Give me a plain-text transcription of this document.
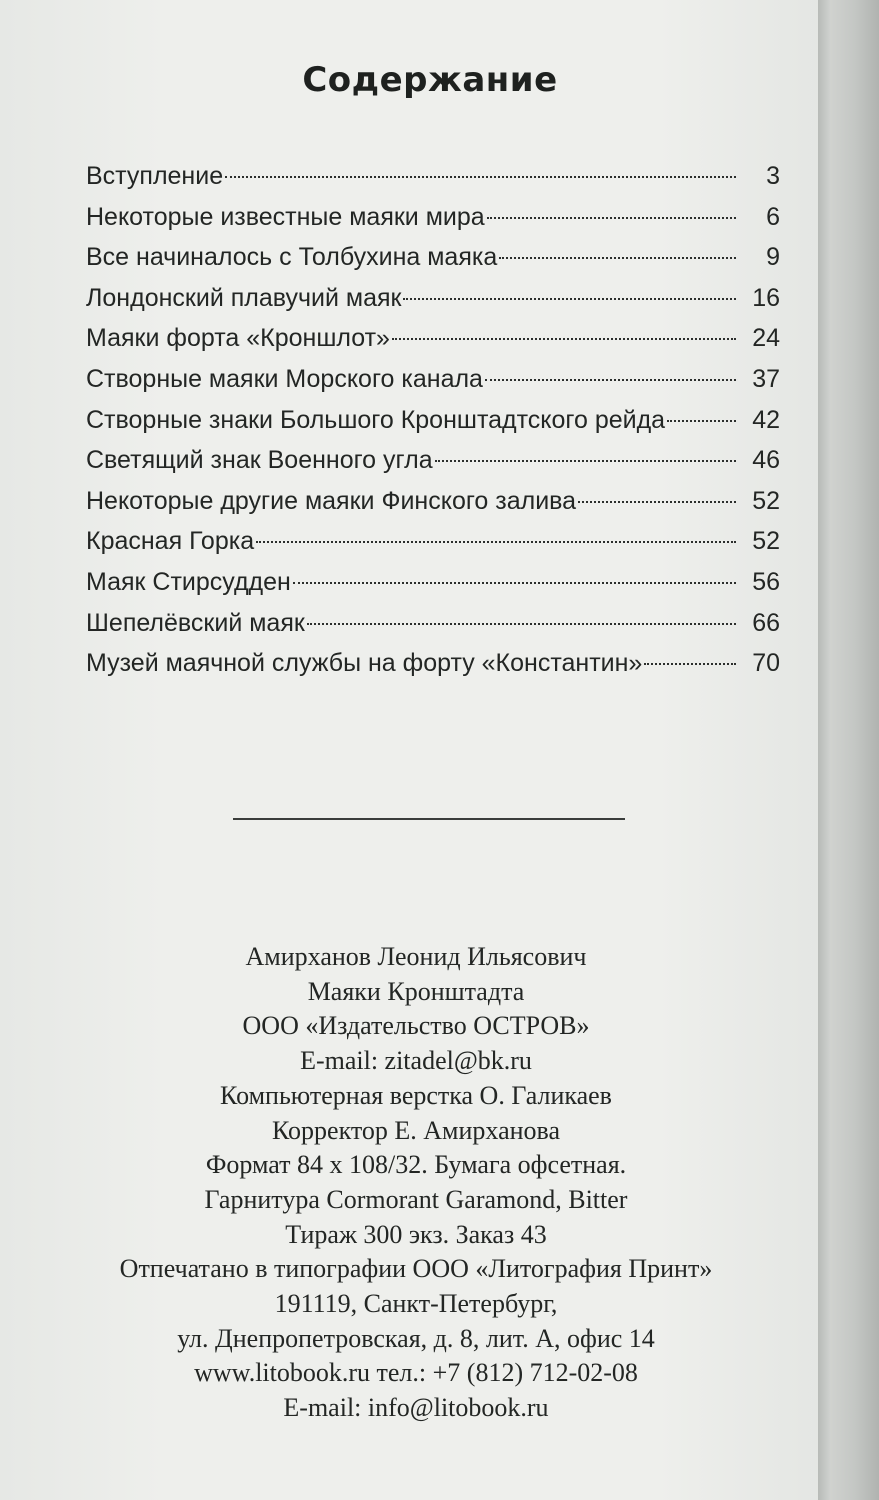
Содержание
Вступление	3
Некоторые известные маяки мира	6
Все начиналось с Толбухина маяка	9
Лондонский плавучий маяк	16
Маяки форта «Кроншлот»	24
Створные маяки Морского канала	37
Створные знаки Большого Кронштадтского рейда	42
Светящий знак Военного угла	46
Некоторые другие маяки Финского залива	52
Красная Горка	52
Маяк Стирсудден	56
Шепелёвский маяк	66
Музей маячной службы на форту «Константин»	70
Амирханов Леонид Ильясович
Маяки Кронштадта
ООО «Издательство ОСТРОВ»
E-mail: zitadel@bk.ru
Компьютерная верстка О. Галикаев
Корректор Е. Амирханова
Формат 84 х 108/32. Бумага офсетная.
Гарнитура Cormorant Garamond, Bitter
Тираж 300 экз. Заказ 43
Отпечатано в типографии ООО «Литография Принт»
191119, Санкт-Петербург,
ул. Днепропетровская, д. 8, лит. А, офис 14
www.litobook.ru тел.: +7 (812) 712-02-08
E-mail: info@litobook.ru
